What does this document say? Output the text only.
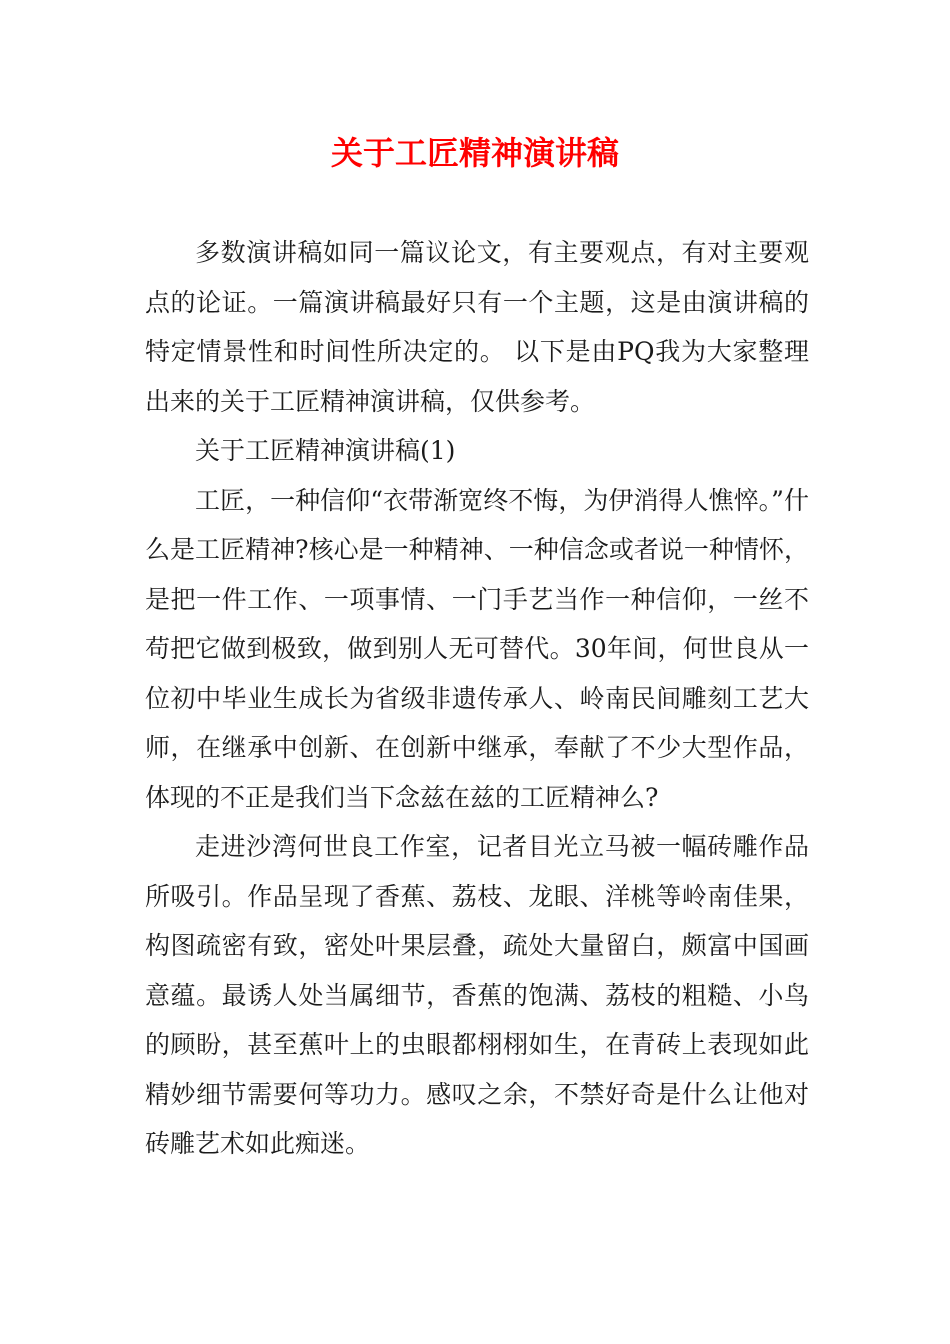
关于工匠精神演讲稿

多数演讲稿如同一篇议论文，有主要观点，有对主要观点的论证。一篇演讲稿最好只有一个主题，这是由演讲稿的特定情景性和时间性所决定的。 以下是由PQ我为大家整理出来的关于工匠精神演讲稿，仅供参考。

关于工匠精神演讲稿(1)

工匠，一种信仰“衣带渐宽终不悔，为伊消得人憔悴。”什么是工匠精神?核心是一种精神、一种信念或者说一种情怀，是把一件工作、一项事情、一门手艺当作一种信仰，一丝不苟把它做到极致，做到别人无可替代。30年间，何世良从一位初中毕业生成长为省级非遗传承人、岭南民间雕刻工艺大师，在继承中创新、在创新中继承，奉献了不少大型作品，体现的不正是我们当下念兹在兹的工匠精神么?

走进沙湾何世良工作室，记者目光立马被一幅砖雕作品所吸引。作品呈现了香蕉、荔枝、龙眼、洋桃等岭南佳果，构图疏密有致，密处叶果层叠，疏处大量留白，颇富中国画意蕴。最诱人处当属细节，香蕉的饱满、荔枝的粗糙、小鸟的顾盼，甚至蕉叶上的虫眼都栩栩如生，在青砖上表现如此精妙细节需要何等功力。感叹之余，不禁好奇是什么让他对砖雕艺术如此痴迷。
